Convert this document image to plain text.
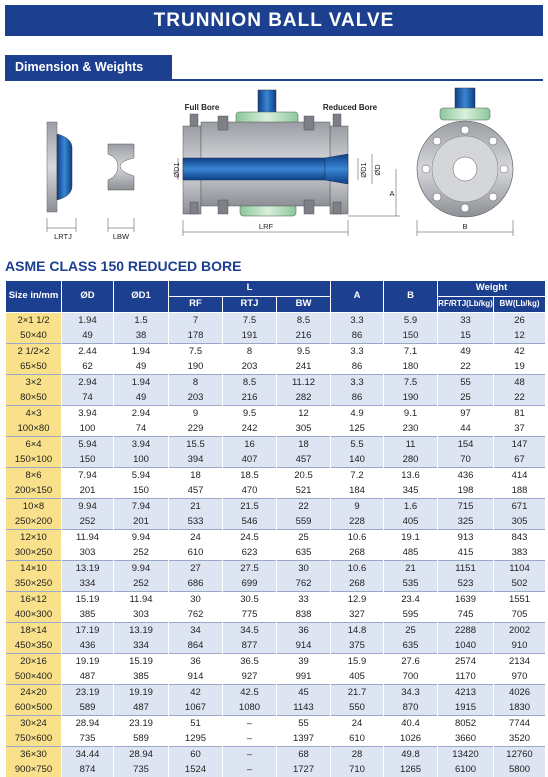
TRUNNION BALL VALVE
Dimension & Weights
LRTJ	LBW
Full Bore	Reduced Bore
ØD1	ØD1 ØD
A
LRF	B
ASME CLASS 150 REDUCED BORE
Size in/mm	ØD	ØD1	L			A	B	Weight	
			RF	RTJ	BW			RF/RTJ(Lb/kg)	BW(Lb/kg)
2×1 1/2	1.94	1.5	7	7.5	8.5	3.3	5.9	33	26
50×40	49	38	178	191	216	86	150	15	12
2 1/2×2	2.44	1.94	7.5	8	9.5	3.3	7.1	49	42
65×50	62	49	190	203	241	86	180	22	19
3×2	2.94	1.94	8	8.5	11.12	3.3	7.5	55	48
80×50	74	49	203	216	282	86	190	25	22
4×3	3.94	2.94	9	9.5	12	4.9	9.1	97	81
100×80	100	74	229	242	305	125	230	44	37
6×4	5.94	3.94	15.5	16	18	5.5	11	154	147
150×100	150	100	394	407	457	140	280	70	67
8×6	7.94	5.94	18	18.5	20.5	7.2	13.6	436	414
200×150	201	150	457	470	521	184	345	198	188
10×8	9.94	7.94	21	21.5	22	9	1.6	715	671
250×200	252	201	533	546	559	228	405	325	305
12×10	11.94	9.94	24	24.5	25	10.6	19.1	913	843
300×250	303	252	610	623	635	268	485	415	383
14×10	13.19	9.94	27	27.5	30	10.6	21	1151	1104
350×250	334	252	686	699	762	268	535	523	502
16×12	15.19	11.94	30	30.5	33	12.9	23.4	1639	1551
400×300	385	303	762	775	838	327	595	745	705
18×14	17.19	13.19	34	34.5	36	14.8	25	2288	2002
450×350	436	334	864	877	914	375	635	1040	910
20×16	19.19	15.19	36	36.5	39	15.9	27.6	2574	2134
500×400	487	385	914	927	991	405	700	1170	970
24×20	23.19	19.19	42	42.5	45	21.7	34.3	4213	4026
600×500	589	487	1067	1080	1143	550	870	1915	1830
30×24	28.94	23.19	51	–	55	24	40.4	8052	7744
750×600	735	589	1295	–	1397	610	1026	3660	3520
36×30	34.44	28.94	60	–	68	28	49.8	13420	12760
900×750	874	735	1524	–	1727	710	1265	6100	5800
